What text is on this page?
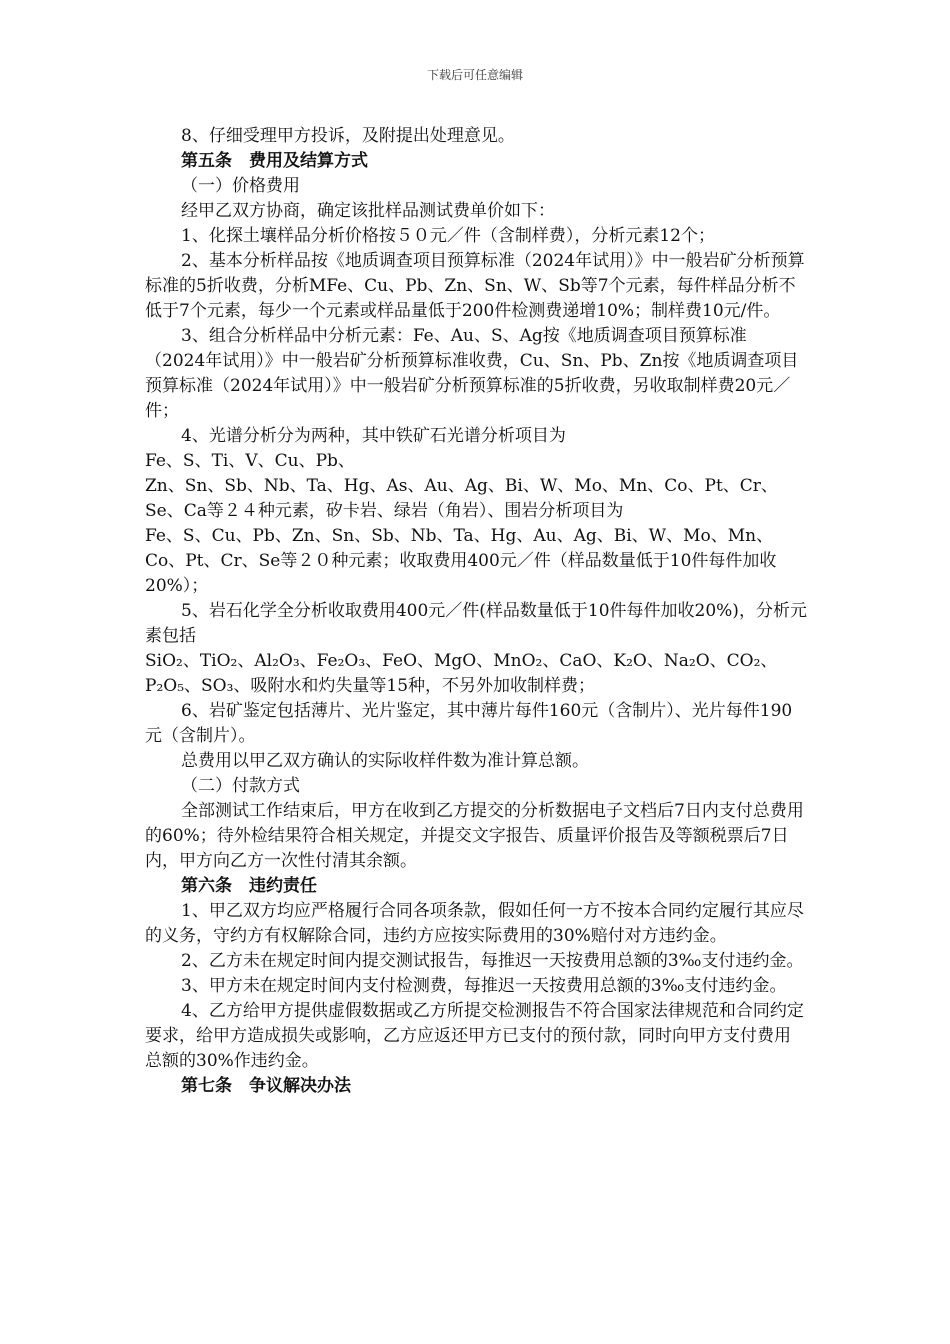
下载后可任意编辑

8、仔细受理甲方投诉，及附提出处理意见。

第五条　费用及结算方式

（一）价格费用

经甲乙双方协商，确定该批样品测试费单价如下：

1、化探土壤样品分析价格按５０元／件（含制样费），分析元素12个；

2、基本分析样品按《地质调查项目预算标准（2024年试用）》中一般岩矿分析预算标准的5折收费，分析MFe、Cu、Pb、Zn、Sn、W、Sb等7个元素，每件样品分析不低于7个元素，每少一个元素或样品量低于200件检测费递增10%；制样费10元/件。

3、组合分析样品中分析元素：Fe、Au、S、Ag按《地质调查项目预算标准（2024年试用）》中一般岩矿分析预算标准收费，Cu、Sn、Pb、Zn按《地质调查项目预算标准（2024年试用）》中一般岩矿分析预算标准的5折收费，另收取制样费20元／件；

4、光谱分析分为两种，其中铁矿石光谱分析项目为

Fe、S、Ti、V、Cu、Pb、

Zn、Sn、Sb、Nb、Ta、Hg、As、Au、Ag、Bi、W、Mo、Mn、Co、Pt、Cr、Se、Ca等２４种元素，矽卡岩、绿岩（角岩）、围岩分析项目为

Fe、S、Cu、Pb、Zn、Sn、Sb、Nb、Ta、Hg、Au、Ag、Bi、W、Mo、Mn、Co、Pt、Cr、Se等２０种元素；收取费用400元／件（样品数量低于10件每件加收20%）；

5、岩石化学全分析收取费用400元／件(样品数量低于10件每件加收20%)，分析元素包括

SiO₂、TiO₂、Al₂O₃、Fe₂O₃、FeO、MgO、MnO₂、CaO、K₂O、Na₂O、CO₂、P₂O₅、SO₃、吸附水和灼失量等15种，不另外加收制样费；

6、岩矿鉴定包括薄片、光片鉴定，其中薄片每件160元（含制片）、光片每件190元（含制片）。

总费用以甲乙双方确认的实际收样件数为准计算总额。

（二）付款方式

全部测试工作结束后，甲方在收到乙方提交的分析数据电子文档后7日内支付总费用的60%；待外检结果符合相关规定，并提交文字报告、质量评价报告及等额税票后7日内，甲方向乙方一次性付清其余额。

第六条　违约责任

1、甲乙双方均应严格履行合同各项条款，假如任何一方不按本合同约定履行其应尽的义务，守约方有权解除合同，违约方应按实际费用的30%赔付对方违约金。

2、乙方未在规定时间内提交测试报告，每推迟一天按费用总额的3‰支付违约金。

3、甲方未在规定时间内支付检测费，每推迟一天按费用总额的3‰支付违约金。

4、乙方给甲方提供虚假数据或乙方所提交检测报告不符合国家法律规范和合同约定要求，给甲方造成损失或影响，乙方应返还甲方已支付的预付款，同时向甲方支付费用总额的30%作违约金。

第七条　争议解决办法
